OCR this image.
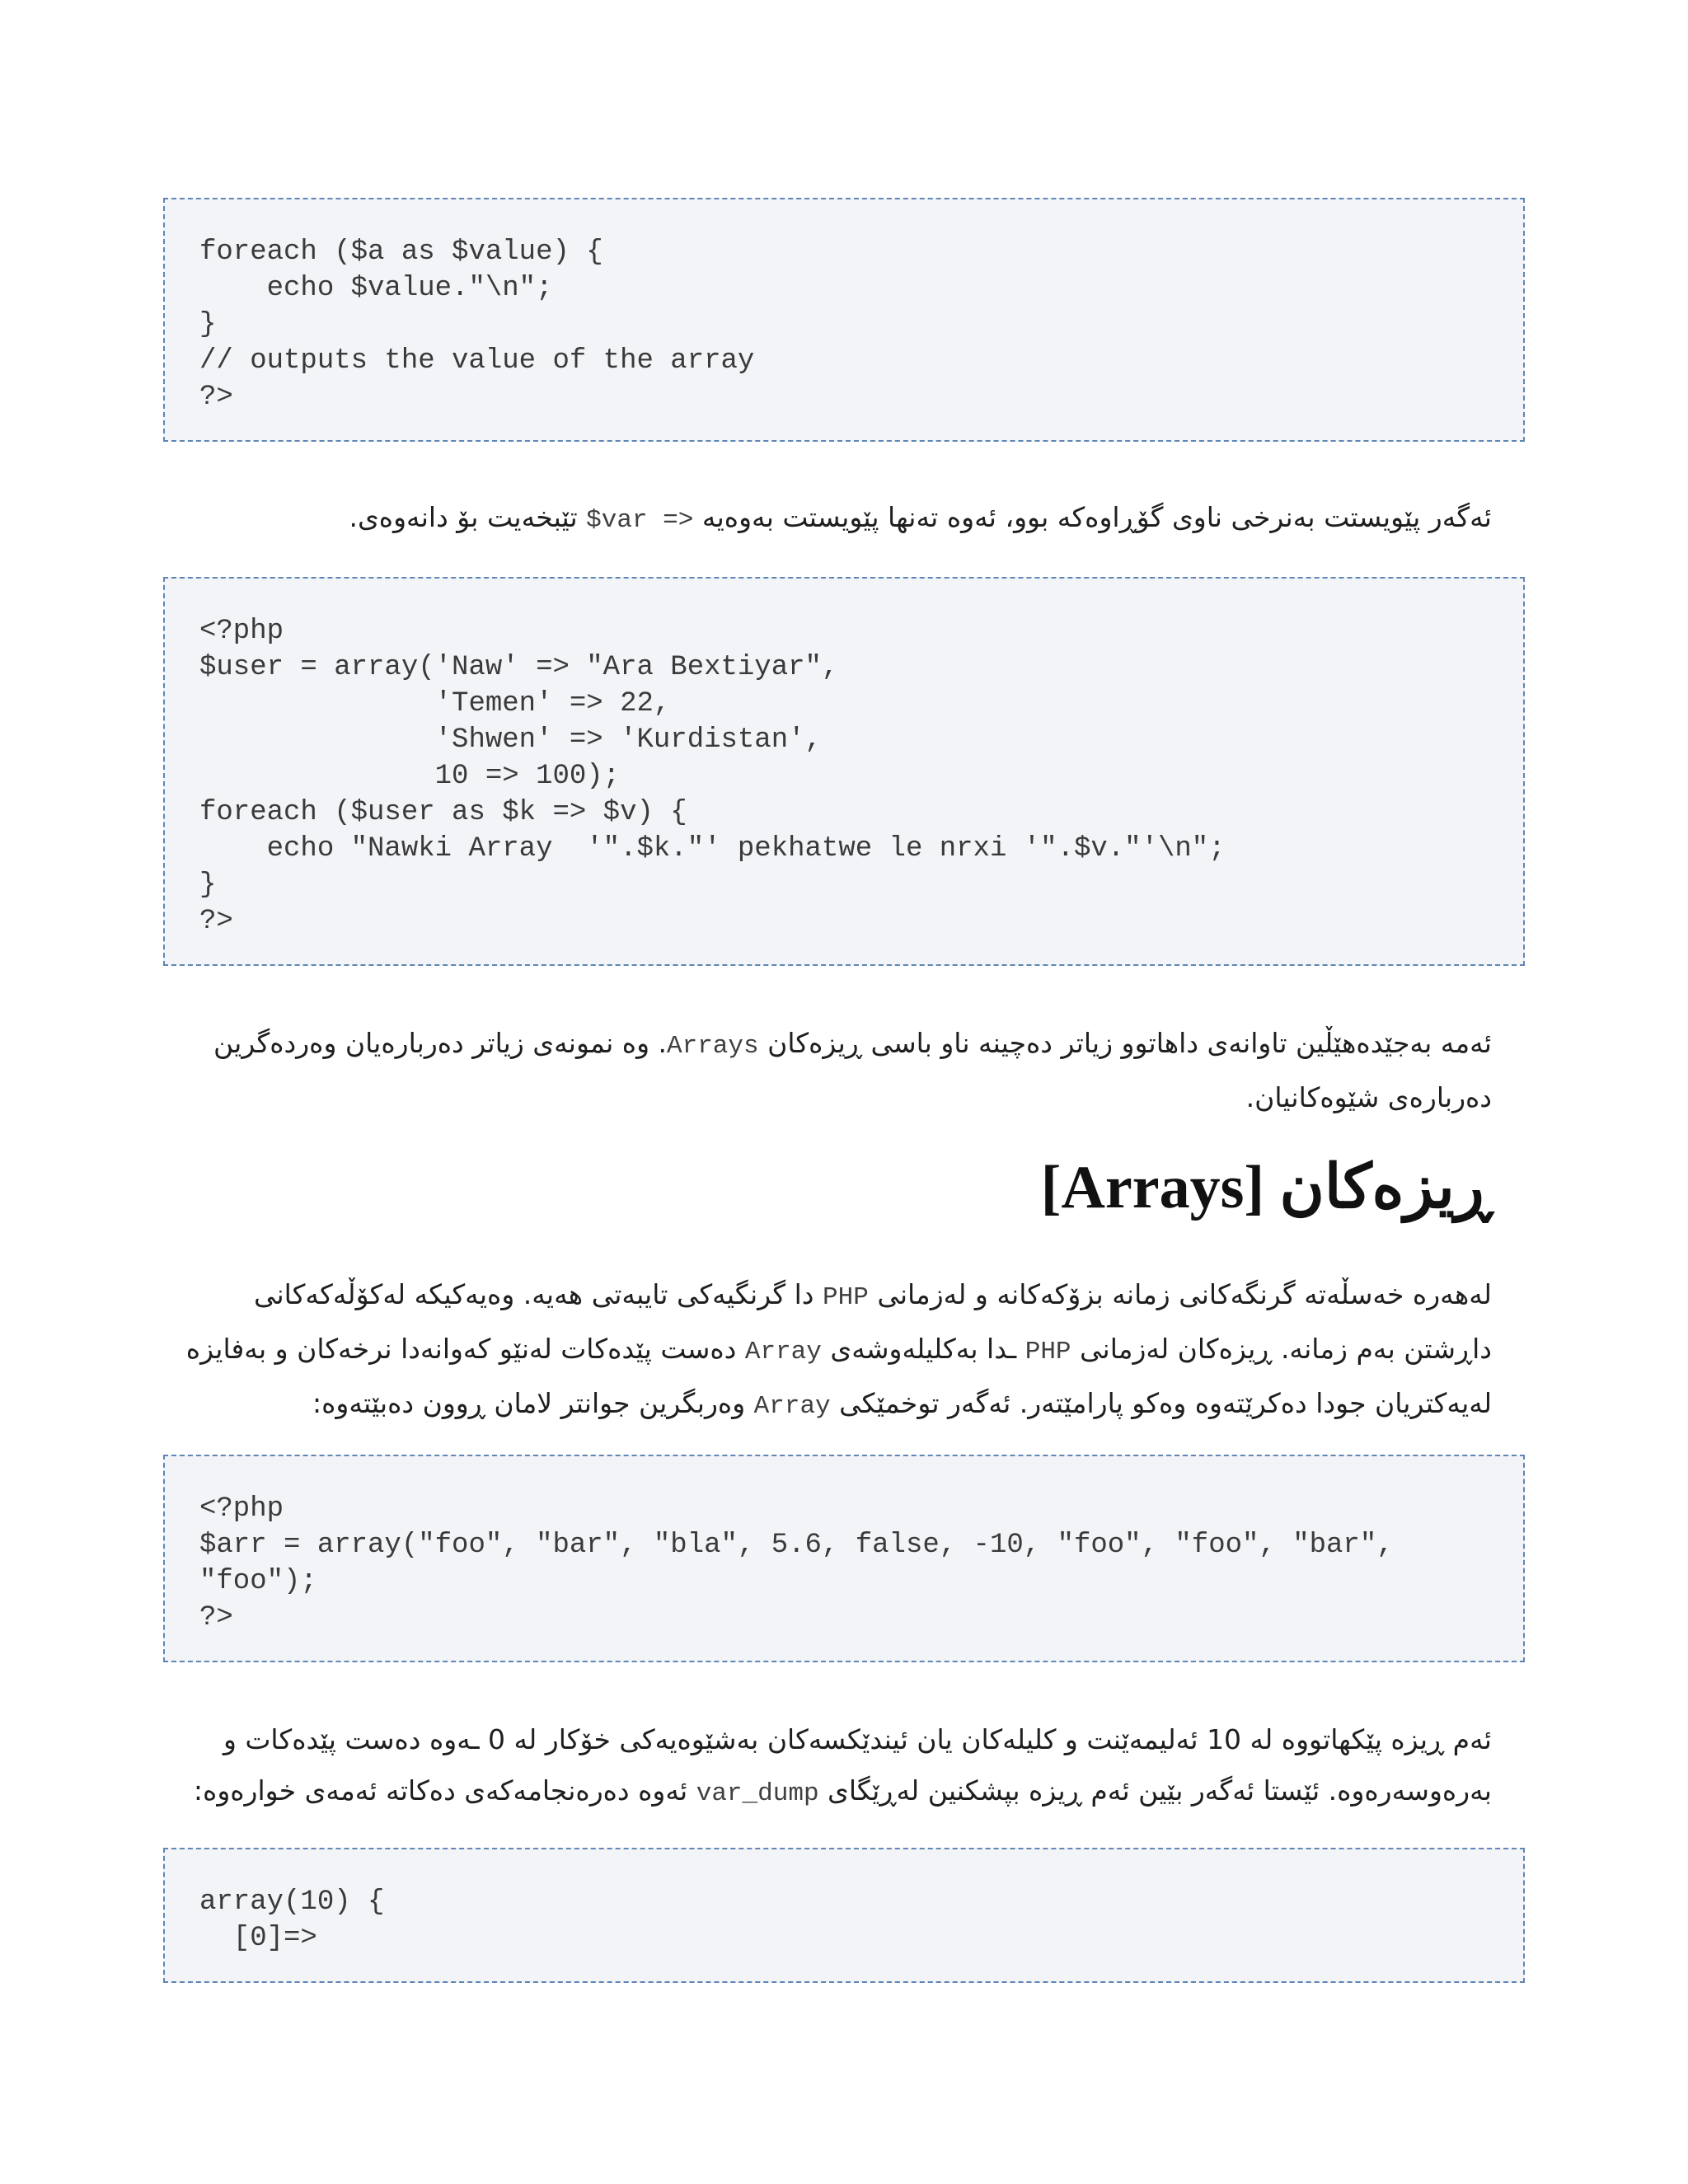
foreach ($a as $value) {
echo $value."\n";
}
// outputs the value of the array
?>
ئەگەر پێویستت بەنرخی ناوی گۆڕاوەکە بوو، ئەوە تەنها پێویستت بەوەیە $var => تێبخەیت بۆ دانەوەی.
<?php
$user = array('Naw' => "Ara Bextiyar",
'Temen' => 22,
'Shwen' => 'Kurdistan',
10 => 100);
foreach ($user as $k => $v) {
echo "Nawki Array  '".$k."' pekhatwe le nrxi '".$v."'\n";
}
?>
ئەمە بەجێدەهێڵین تاوانەی داهاتوو زیاتر دەچینە ناو باسی ڕیزەکان Arrays. وە نمونەی زیاتر دەربارەیان وەردەگرین دەربارەی شێوەکانیان.
ڕیزەکان [Arrays]
لەهەرە خەسڵەتە گرنگەکانی زمانە بزۆکەکانە و لەزمانی PHP دا گرنگیەکی تایبەتی هەیە. وەیەکیکە لەکۆڵەکەکانی داڕشتن بەم زمانە. ڕیزەکان لەزمانی PHP ـدا بەکلیلەوشەی Array دەست پێدەکات لەنێو کەوانەدا نرخەکان و بەفایزە لەیەکتریان جودا دەکرێتەوە وەکو پارامێتەر. ئەگەر توخمێکی Array وەربگرین جوانتر لامان ڕوون دەبێتەوە:
<?php
$arr = array("foo", "bar", "bla", 5.6, false, -10, "foo", "foo", "bar",
"foo");
?>
ئەم ڕیزە پێکهاتووە لە 10 ئەلیمەێنت و کلیلەکان یان ئیندێکسەکان بەشێوەیەکی خۆکار لە 0 ـەوە دەست پێدەکات و بەرەوسەرەوە. ئێستا ئەگەر بێین ئەم ڕیزە بپشکنین لەڕێگای var_dump ئەوە دەرەنجامەکەی دەکاتە ئەمەی خوارەوە:
array(10) {
[0]=>
